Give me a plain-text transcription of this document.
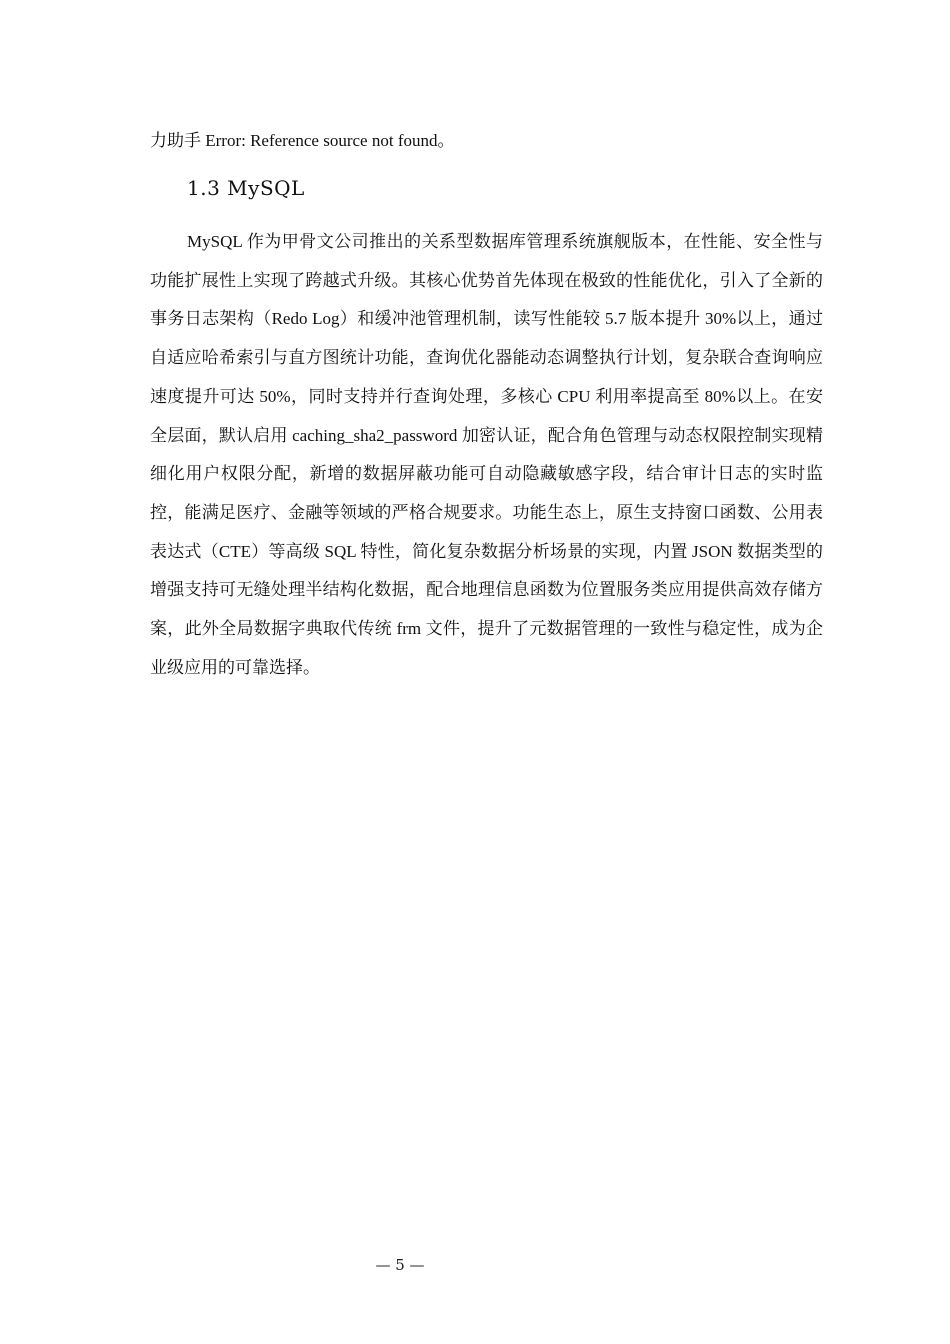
力助手 Error: Reference source not found。

1.3 MySQL

MySQL 作为甲骨文公司推出的关系型数据库管理系统旗舰版本，在性能、安全性与功能扩展性上实现了跨越式升级。其核心优势首先体现在极致的性能优化，引入了全新的事务日志架构（Redo Log）和缓冲池管理机制，读写性能较 5.7 版本提升 30%以上，通过自适应哈希索引与直方图统计功能，查询优化器能动态调整执行计划，复杂联合查询响应速度提升可达 50%，同时支持并行查询处理，多核心 CPU 利用率提高至 80%以上。在安全层面，默认启用 caching_sha2_password 加密认证，配合角色管理与动态权限控制实现精细化用户权限分配，新增的数据屏蔽功能可自动隐藏敏感字段，结合审计日志的实时监控，能满足医疗、金融等领域的严格合规要求。功能生态上，原生支持窗口函数、公用表表达式（CTE）等高级 SQL 特性，简化复杂数据分析场景的实现，内置 JSON 数据类型的增强支持可无缝处理半结构化数据，配合地理信息函数为位置服务类应用提供高效存储方案，此外全局数据字典取代传统 frm 文件，提升了元数据管理的一致性与稳定性，成为企业级应用的可靠选择。

— 5 —
